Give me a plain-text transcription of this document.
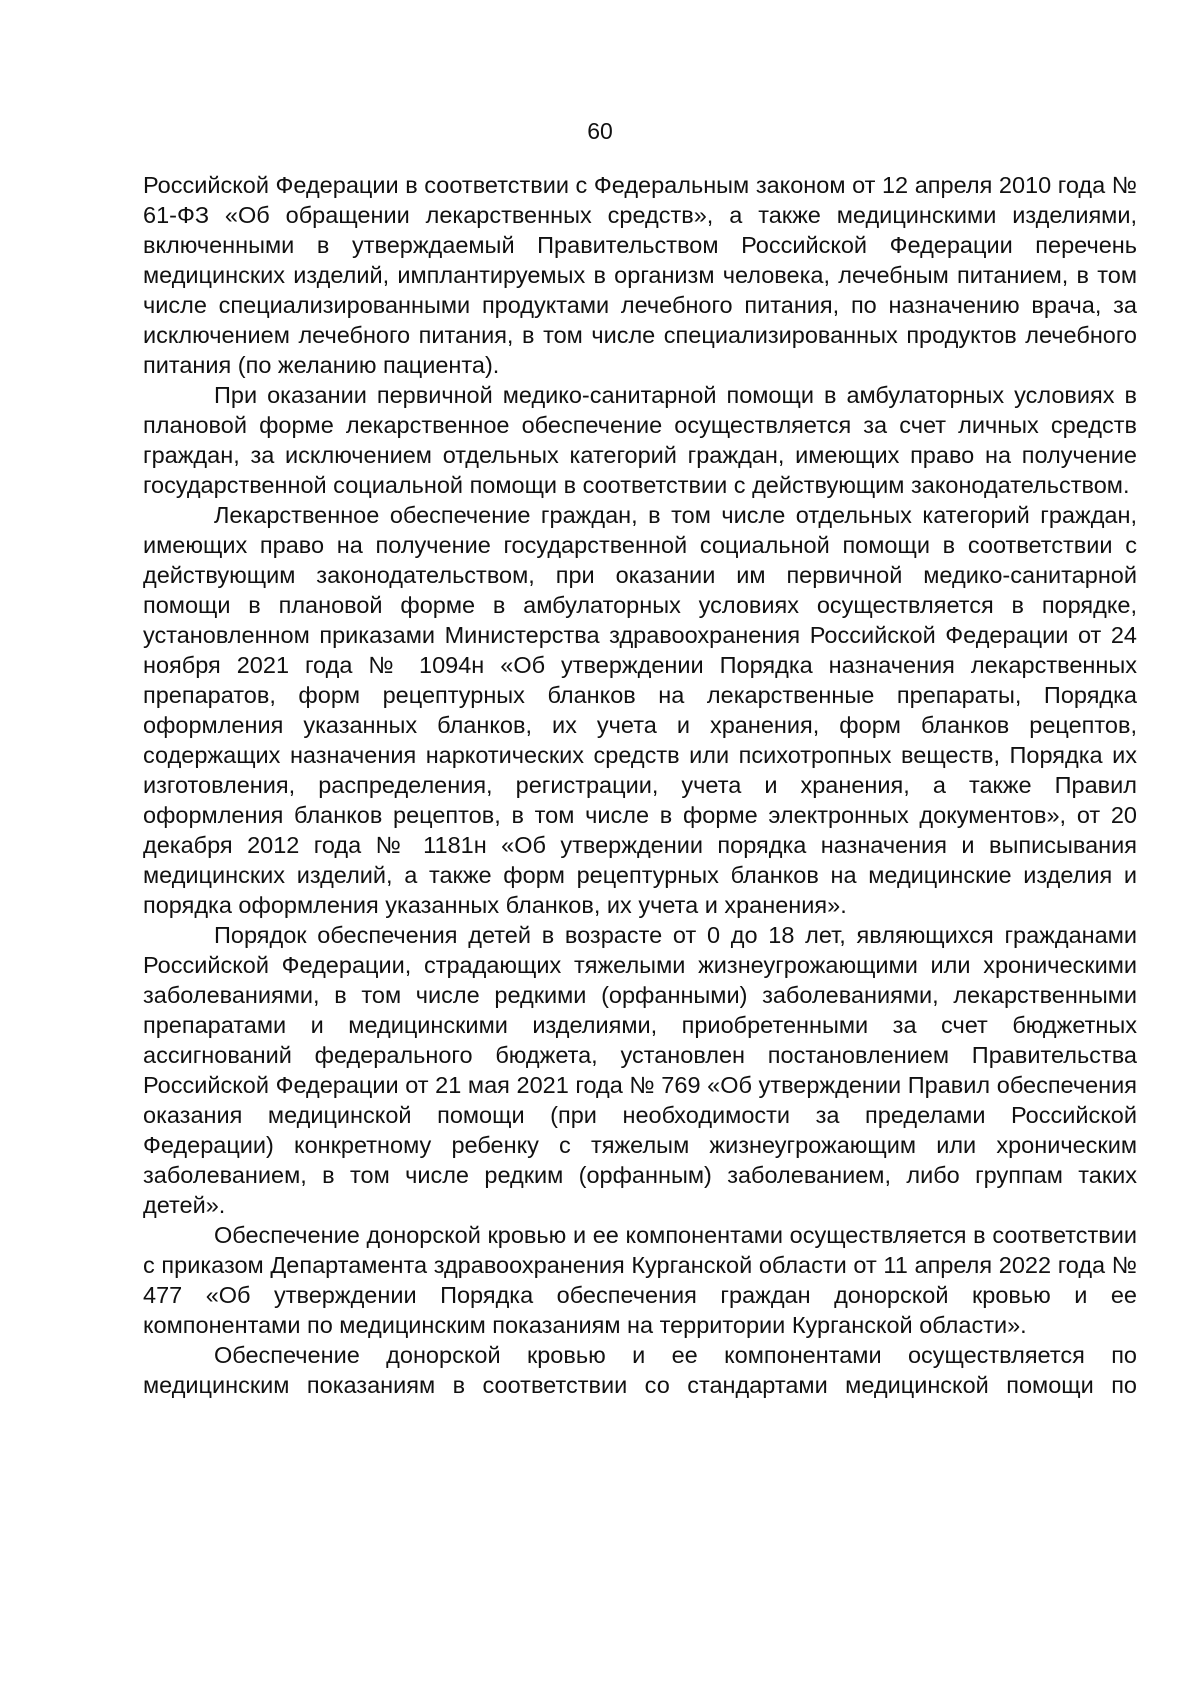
60

Российской Федерации в соответствии с Федеральным законом от 12 апреля 2010 года № 61-ФЗ «Об обращении лекарственных средств», а также медицинскими изделиями, включенными в утверждаемый Правительством Российской Федерации перечень медицинских изделий, имплантируемых в организм человека, лечебным питанием, в том числе специализированными продуктами лечебного питания, по назначению врача, за исключением лечебного питания, в том числе специализированных продуктов лечебного питания (по желанию пациента).

При оказании первичной медико-санитарной помощи в амбулаторных условиях в плановой форме лекарственное обеспечение осуществляется за счет личных средств граждан, за исключением отдельных категорий граждан, имеющих право на получение государственной социальной помощи в соответствии с действующим законодательством.

Лекарственное обеспечение граждан, в том числе отдельных категорий граждан, имеющих право на получение государственной социальной помощи в соответствии с действующим законодательством, при оказании им первичной медико-санитарной помощи в плановой форме в амбулаторных условиях осуществляется в порядке, установленном приказами Министерства здравоохранения Российской Федерации от 24 ноября 2021 года № 1094н «Об утверждении Порядка назначения лекарственных препаратов, форм рецептурных бланков на лекарственные препараты, Порядка оформления указанных бланков, их учета и хранения, форм бланков рецептов, содержащих назначения наркотических средств или психотропных веществ, Порядка их изготовления, распределения, регистрации, учета и хранения, а также Правил оформления бланков рецептов, в том числе в форме электронных документов», от 20 декабря 2012 года № 1181н «Об утверждении порядка назначения и выписывания медицинских изделий, а также форм рецептурных бланков на медицинские изделия и порядка оформления указанных бланков, их учета и хранения».

Порядок обеспечения детей в возрасте от 0 до 18 лет, являющихся гражданами Российской Федерации, страдающих тяжелыми жизнеугрожающими или хроническими заболеваниями, в том числе редкими (орфанными) заболеваниями, лекарственными препаратами и медицинскими изделиями, приобретенными за счет бюджетных ассигнований федерального бюджета, установлен постановлением Правительства Российской Федерации от 21 мая 2021 года № 769 «Об утверждении Правил обеспечения оказания медицинской помощи (при необходимости за пределами Российской Федерации) конкретному ребенку с тяжелым жизнеугрожающим или хроническим заболеванием, в том числе редким (орфанным) заболеванием, либо группам таких детей».

Обеспечение донорской кровью и ее компонентами осуществляется в соответствии с приказом Департамента здравоохранения Курганской области от 11 апреля 2022 года № 477 «Об утверждении Порядка обеспечения граждан донорской кровью и ее компонентами по медицинским показаниям на территории Курганской области».

Обеспечение донорской кровью и ее компонентами осуществляется по медицинским показаниям в соответствии со стандартами медицинской помощи по
